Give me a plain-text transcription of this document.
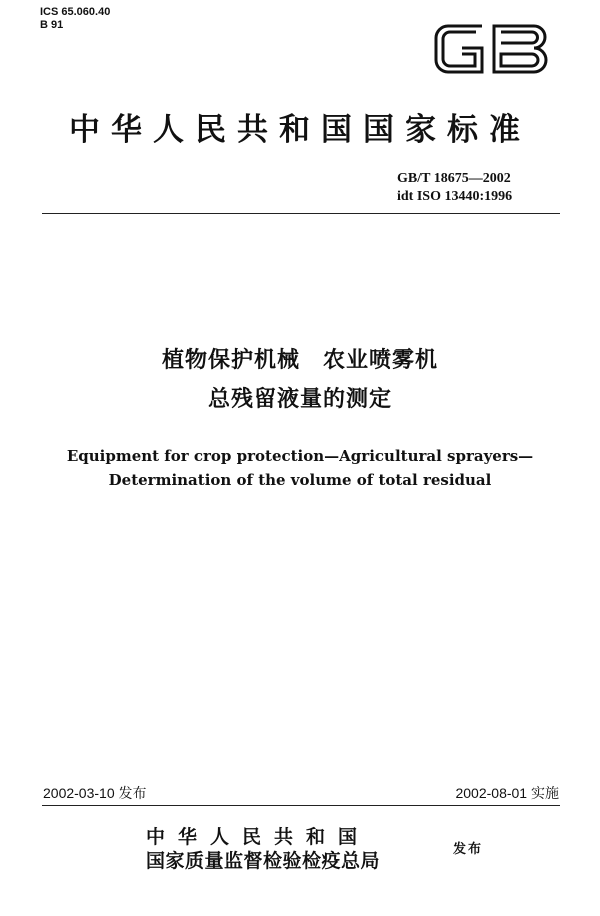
ICS 65.060.40
B 91
中华人民共和国国家标准
GB/T 18675—2002
idt ISO 13440:1996
植物保护机械　农业喷雾机
总残留液量的测定
Equipment for crop protection—Agricultural sprayers—
Determination of the volume of total residual
2002-03-10 发布	2002-08-01 实施
中华人民共和国
国家质量监督检验检疫总局
发布
